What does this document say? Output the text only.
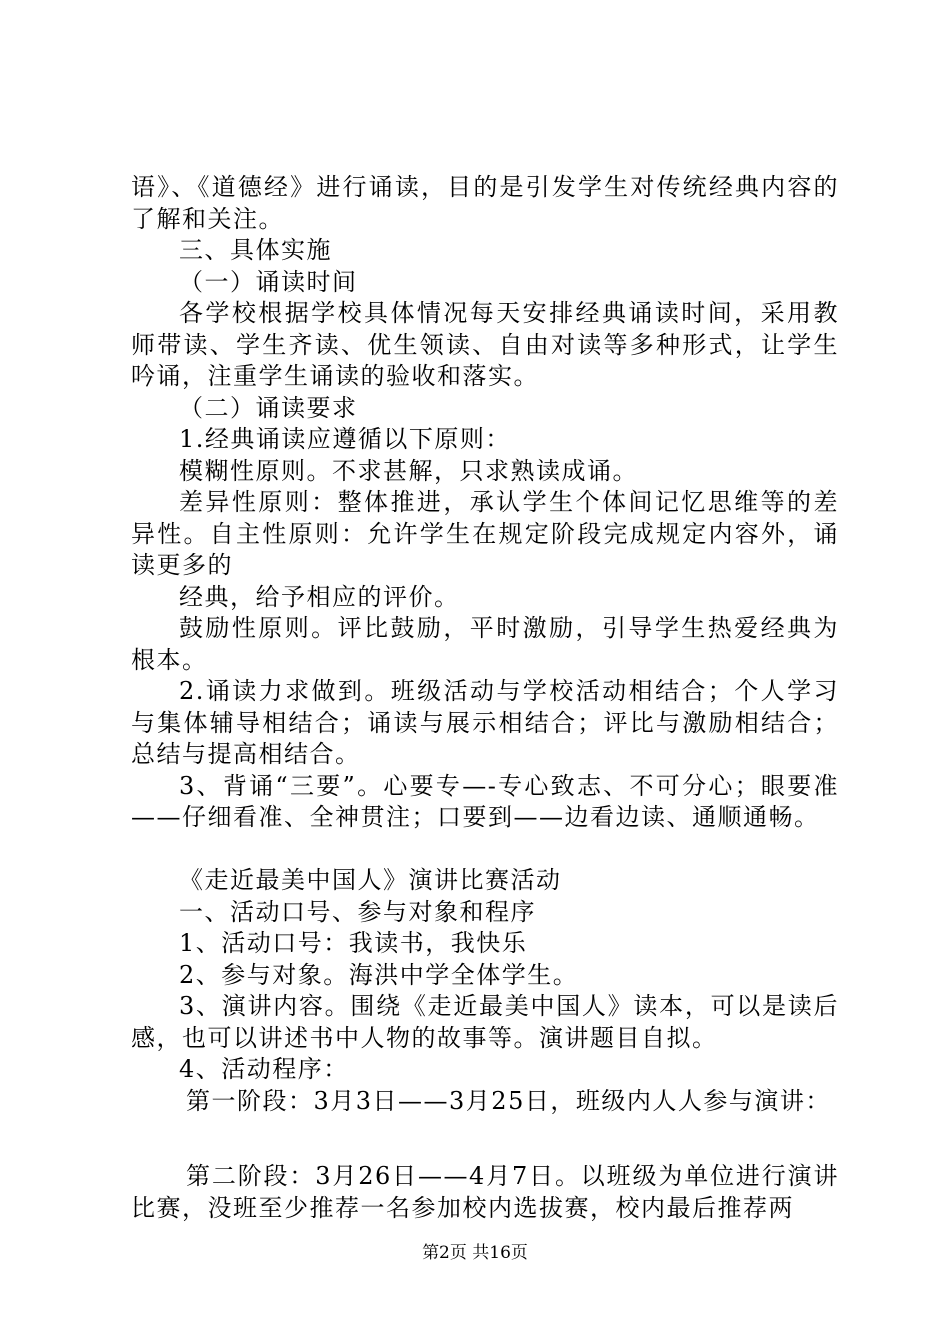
语》、《道德经》进行诵读，目的是引发学生对传统经典内容的了解和关注。

三、具体实施

（一）诵读时间

各学校根据学校具体情况每天安排经典诵读时间，采用教师带读、学生齐读、优生领读、自由对读等多种形式，让学生吟诵，注重学生诵读的验收和落实。

（二）诵读要求

1.经典诵读应遵循以下原则：

模糊性原则。不求甚解，只求熟读成诵。

差异性原则：整体推进，承认学生个体间记忆思维等的差异性。自主性原则：允许学生在规定阶段完成规定内容外，诵读更多的

经典，给予相应的评价。

鼓励性原则。评比鼓励，平时激励，引导学生热爱经典为根本。

2.诵读力求做到。班级活动与学校活动相结合；个人学习与集体辅导相结合；诵读与展示相结合；评比与激励相结合；总结与提高相结合。

3、背诵“三要”。心要专—-专心致志、不可分心；眼要准——仔细看准、全神贯注；口要到——边看边读、通顺通畅。

《走近最美中国人》演讲比赛活动

一、活动口号、参与对象和程序

1、活动口号：我读书，我快乐

2、参与对象。海洪中学全体学生。

3、演讲内容。围绕《走近最美中国人》读本，可以是读后感，也可以讲述书中人物的故事等。演讲题目自拟。

4、活动程序：

第一阶段：3月3日——3月25日，班级内人人参与演讲：

第二阶段：3月26日——4月7日。以班级为单位进行演讲比赛，没班至少推荐一名参加校内选拔赛，校内最后推荐两

第2页 共16页
